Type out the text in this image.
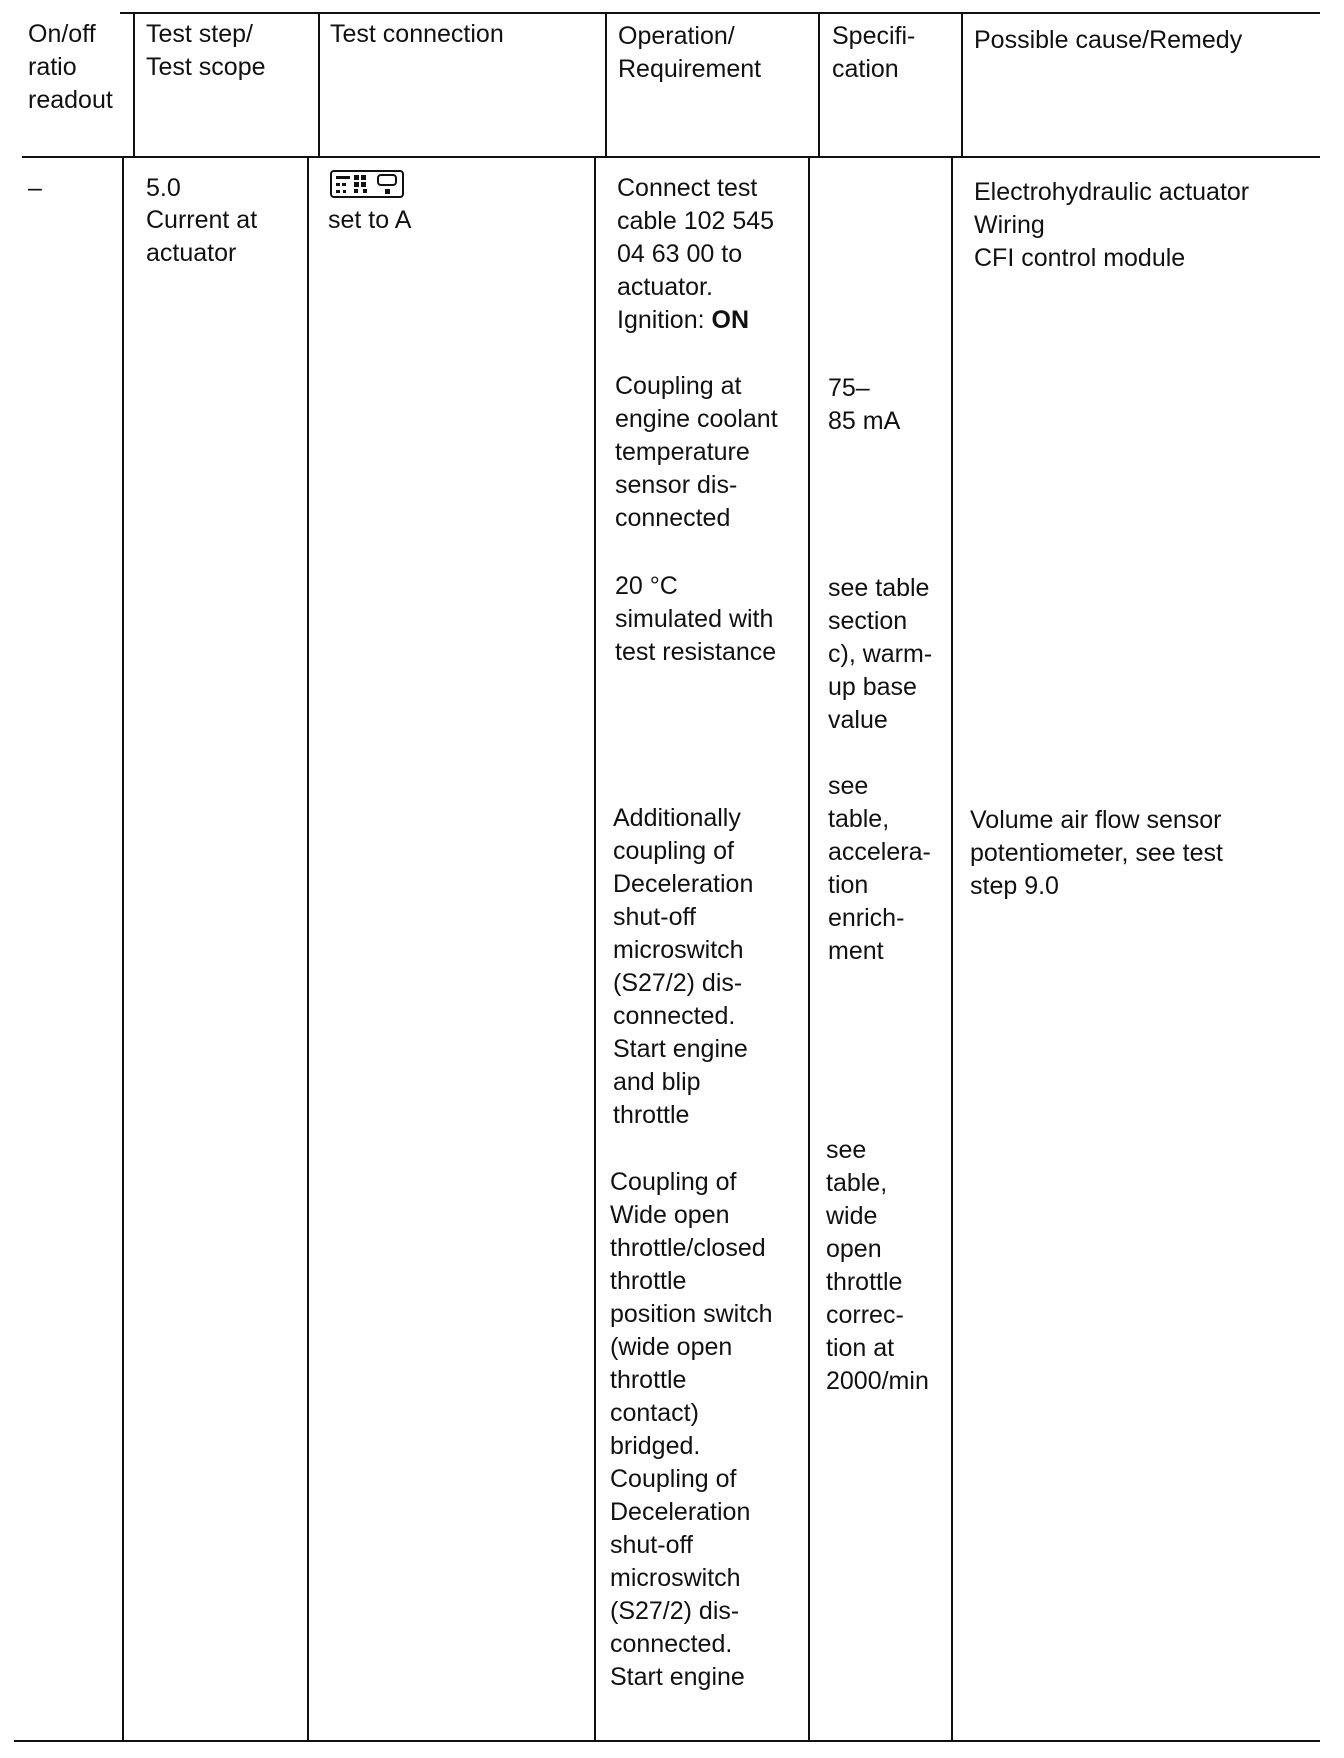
On/off
ratio
readout
Test step/
Test scope
Test connection	Operation/
Requirement
Specifi-
cation
Possible cause/Remedy
–	5.0
Current at
actuator
set to A
Connect test
cable 102 545
04 63 00 to
actuator.
Ignition: ON
Coupling at
engine coolant
temperature
sensor dis-
connected
75–
85 mA
20 °C
simulated with
test resistance
see table
section
c), warm-
up base
value
see
table,
accelera-
tion
enrich-
ment
Additionally
coupling of
Deceleration
shut-off
microswitch
(S27/2) dis-
connected.
Start engine
and blip
throttle
see
table,
wide
open
throttle
correc-
tion at
2000/min
Coupling of
Wide open
throttle/closed
throttle
position switch
(wide open
throttle
contact)
bridged.
Coupling of
Deceleration
shut-off
microswitch
(S27/2) dis-
connected.
Start engine
Electrohydraulic actuator
Wiring
CFI control module
Volume air flow sensor
potentiometer, see test
step 9.0
